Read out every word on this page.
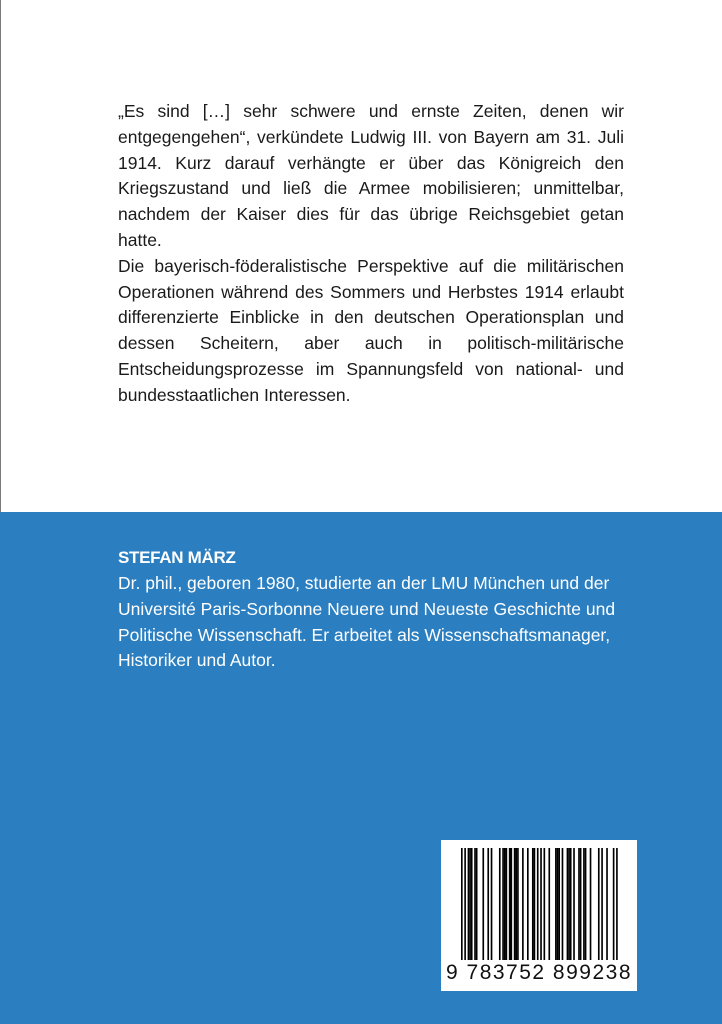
„Es sind […] sehr schwere und ernste Zeiten, denen wir entgegengehen“, verkündete Ludwig III. von Bayern am 31. Juli 1914. Kurz darauf verhängte er über das Königreich den Kriegszustand und ließ die Armee mobilisieren; unmittelbar, nachdem der Kaiser dies für das übrige Reichsgebiet getan hatte.

Die bayerisch-föderalistische Perspektive auf die militärischen Operationen während des Sommers und Herbstes 1914 erlaubt differenzierte Einblicke in den deutschen Operationsplan und dessen Scheitern, aber auch in politisch-militärische Entscheidungsprozesse im Spannungsfeld von national- und bundesstaatlichen Interessen.

STEFAN MÄRZ

Dr. phil., geboren 1980, studierte an der LMU München und der Université Paris-Sorbonne Neuere und Neueste Geschichte und Politische Wissenschaft. Er arbeitet als Wissenschaftsmanager, Historiker und Autor.

9 783752 899238
